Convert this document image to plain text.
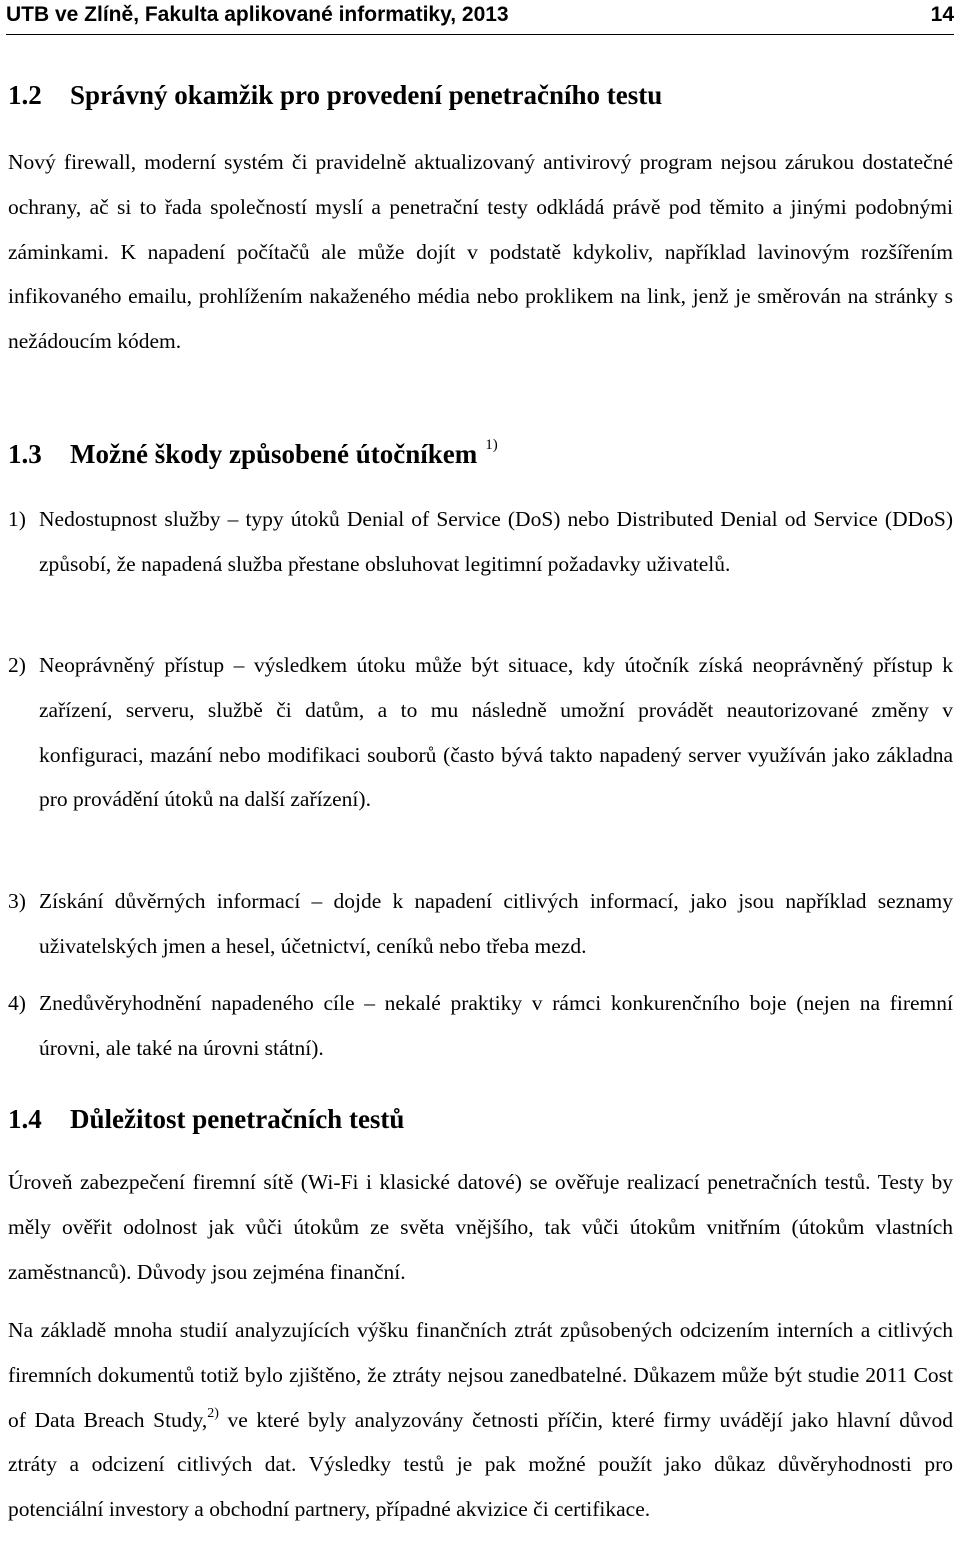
UTB ve Zlíně, Fakulta aplikované informatiky, 2013	14
1.2 Správný okamžik pro provedení penetračního testu
Nový firewall, moderní systém či pravidelně aktualizovaný antivirový program nejsou zárukou dostatečné ochrany, ač si to řada společností myslí a penetrační testy odkládá právě pod těmito a jinými podobnými záminkami. K napadení počítačů ale může dojít v podstatě kdykoliv, například lavinovým rozšířením infikovaného emailu, prohlížením nakaženého média nebo proklikem na link, jenž je směrován na stránky s nežádoucím kódem.
1.3 Možné škody způsobené útočníkem $^{1)}$
1) Nedostupnost služby – typy útoků Denial of Service (DoS) nebo Distributed Denial od Service (DDoS) způsobí, že napadená služba přestane obsluhovat legitimní požadavky uživatelů.
2) Neoprávněný přístup – výsledkem útoku může být situace, kdy útočník získá neoprávněný přístup k zařízení, serveru, službě či datům, a to mu následně umožní provádět neautorizované změny v konfiguraci, mazání nebo modifikaci souborů (často bývá takto napadený server využíván jako základna pro provádění útoků na další zařízení).
3) Získání důvěrných informací – dojde k napadení citlivých informací, jako jsou například seznamy uživatelských jmen a hesel, účetnictví, ceníků nebo třeba mezd.
4) Znedůvěryhodnění napadeného cíle – nekalé praktiky v rámci konkurenčního boje (nejen na firemní úrovni, ale také na úrovni státní).
1.4 Důležitost penetračních testů
Úroveň zabezpečení firemní sítě (Wi-Fi i klasické datové) se ověřuje realizací penetračních testů. Testy by měly ověřit odolnost jak vůči útokům ze světa vnějšího, tak vůči útokům vnitřním (útokům vlastních zaměstnanců). Důvody jsou zejména finanční.
Na základě mnoha studií analyzujících výšku finančních ztrát způsobených odcizením interních a citlivých firemních dokumentů totiž bylo zjištěno, že ztráty nejsou zanedbatelné. Důkazem může být studie 2011 Cost of Data Breach Study,$^{2)}$ ve které byly analyzovány četnosti příčin, které firmy uvádějí jako hlavní důvod ztráty a odcizení citlivých dat. Výsledky testů je pak možné použít jako důkaz důvěryhodnosti pro potenciální investory a obchodní partnery, případné akvizice či certifikace.
